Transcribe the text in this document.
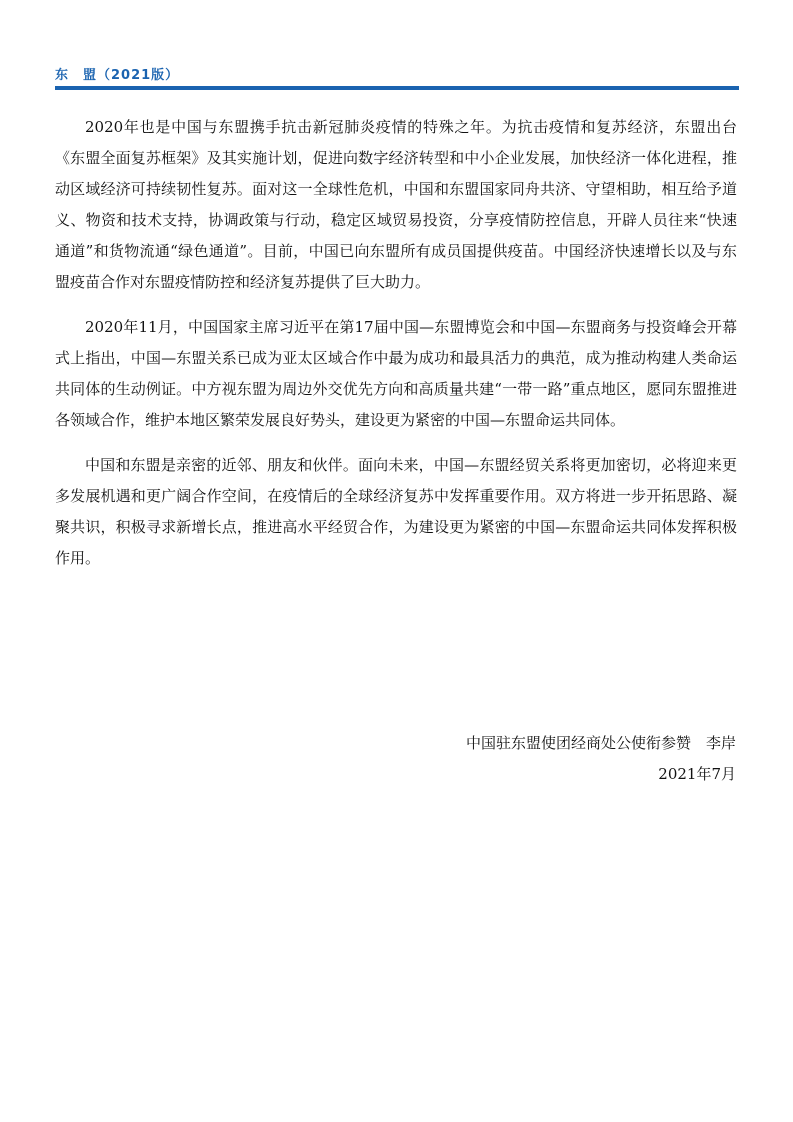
东　盟（2021版）

2020年也是中国与东盟携手抗击新冠肺炎疫情的特殊之年。为抗击疫情和复苏经济，东盟出台《东盟全面复苏框架》及其实施计划，促进向数字经济转型和中小企业发展，加快经济一体化进程，推动区域经济可持续韧性复苏。面对这一全球性危机，中国和东盟国家同舟共济、守望相助，相互给予道义、物资和技术支持，协调政策与行动，稳定区域贸易投资，分享疫情防控信息，开辟人员往来“快速通道”和货物流通“绿色通道”。目前，中国已向东盟所有成员国提供疫苗。中国经济快速增长以及与东盟疫苗合作对东盟疫情防控和经济复苏提供了巨大助力。

2020年11月，中国国家主席习近平在第17届中国—东盟博览会和中国—东盟商务与投资峰会开幕式上指出，中国—东盟关系已成为亚太区域合作中最为成功和最具活力的典范，成为推动构建人类命运共同体的生动例证。中方视东盟为周边外交优先方向和高质量共建“一带一路”重点地区，愿同东盟推进各领域合作，维护本地区繁荣发展良好势头，建设更为紧密的中国—东盟命运共同体。

中国和东盟是亲密的近邻、朋友和伙伴。面向未来，中国—东盟经贸关系将更加密切，必将迎来更多发展机遇和更广阔合作空间，在疫情后的全球经济复苏中发挥重要作用。双方将进一步开拓思路、凝聚共识，积极寻求新增长点，推进高水平经贸合作，为建设更为紧密的中国—东盟命运共同体发挥积极作用。

中国驻东盟使团经商处公使衔参赞　李岸
2021年7月
